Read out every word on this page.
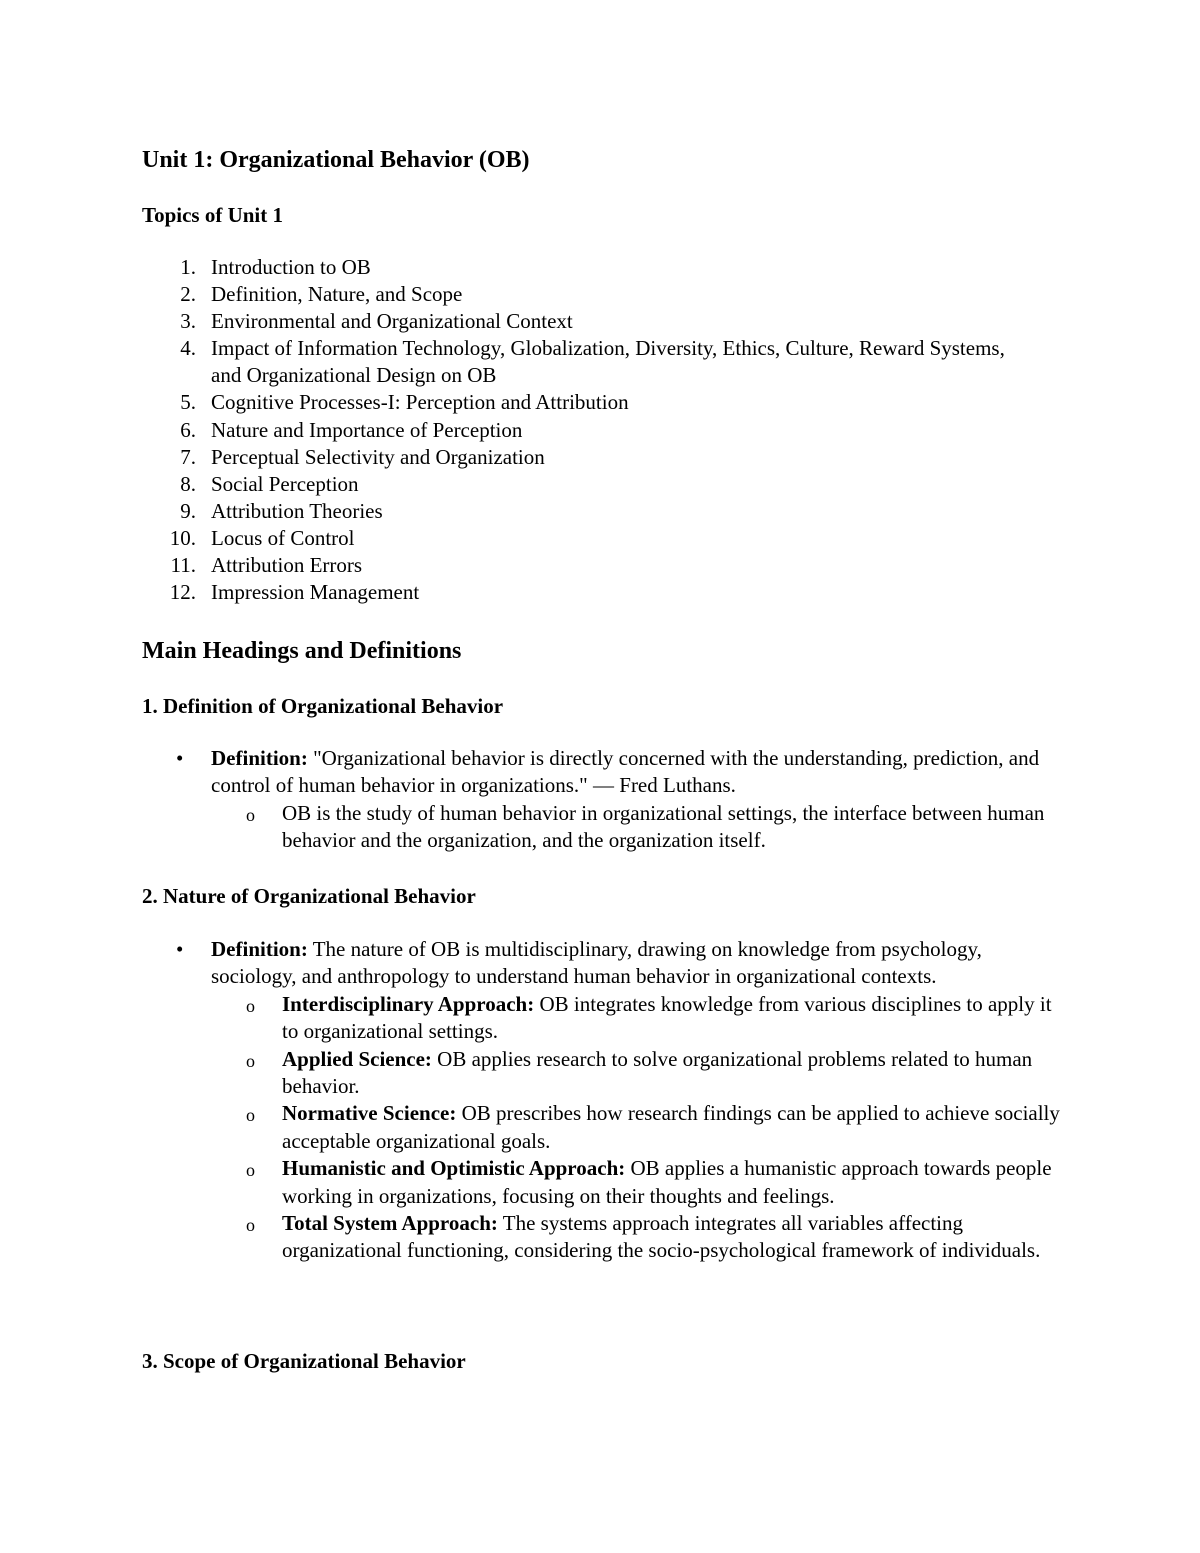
Unit 1: Organizational Behavior (OB)
Topics of Unit 1
1. Introduction to OB
2. Definition, Nature, and Scope
3. Environmental and Organizational Context
4. Impact of Information Technology, Globalization, Diversity, Ethics, Culture, Reward Systems, and Organizational Design on OB
5. Cognitive Processes-I: Perception and Attribution
6. Nature and Importance of Perception
7. Perceptual Selectivity and Organization
8. Social Perception
9. Attribution Theories
10. Locus of Control
11. Attribution Errors
12. Impression Management
Main Headings and Definitions
1. Definition of Organizational Behavior
• Definition: "Organizational behavior is directly concerned with the understanding, prediction, and control of human behavior in organizations." — Fred Luthans.
o OB is the study of human behavior in organizational settings, the interface between human behavior and the organization, and the organization itself.
2. Nature of Organizational Behavior
• Definition: The nature of OB is multidisciplinary, drawing on knowledge from psychology, sociology, and anthropology to understand human behavior in organizational contexts.
o Interdisciplinary Approach: OB integrates knowledge from various disciplines to apply it to organizational settings.
o Applied Science: OB applies research to solve organizational problems related to human behavior.
o Normative Science: OB prescribes how research findings can be applied to achieve socially acceptable organizational goals.
o Humanistic and Optimistic Approach: OB applies a humanistic approach towards people working in organizations, focusing on their thoughts and feelings.
o Total System Approach: The systems approach integrates all variables affecting organizational functioning, considering the socio-psychological framework of individuals.
3. Scope of Organizational Behavior
